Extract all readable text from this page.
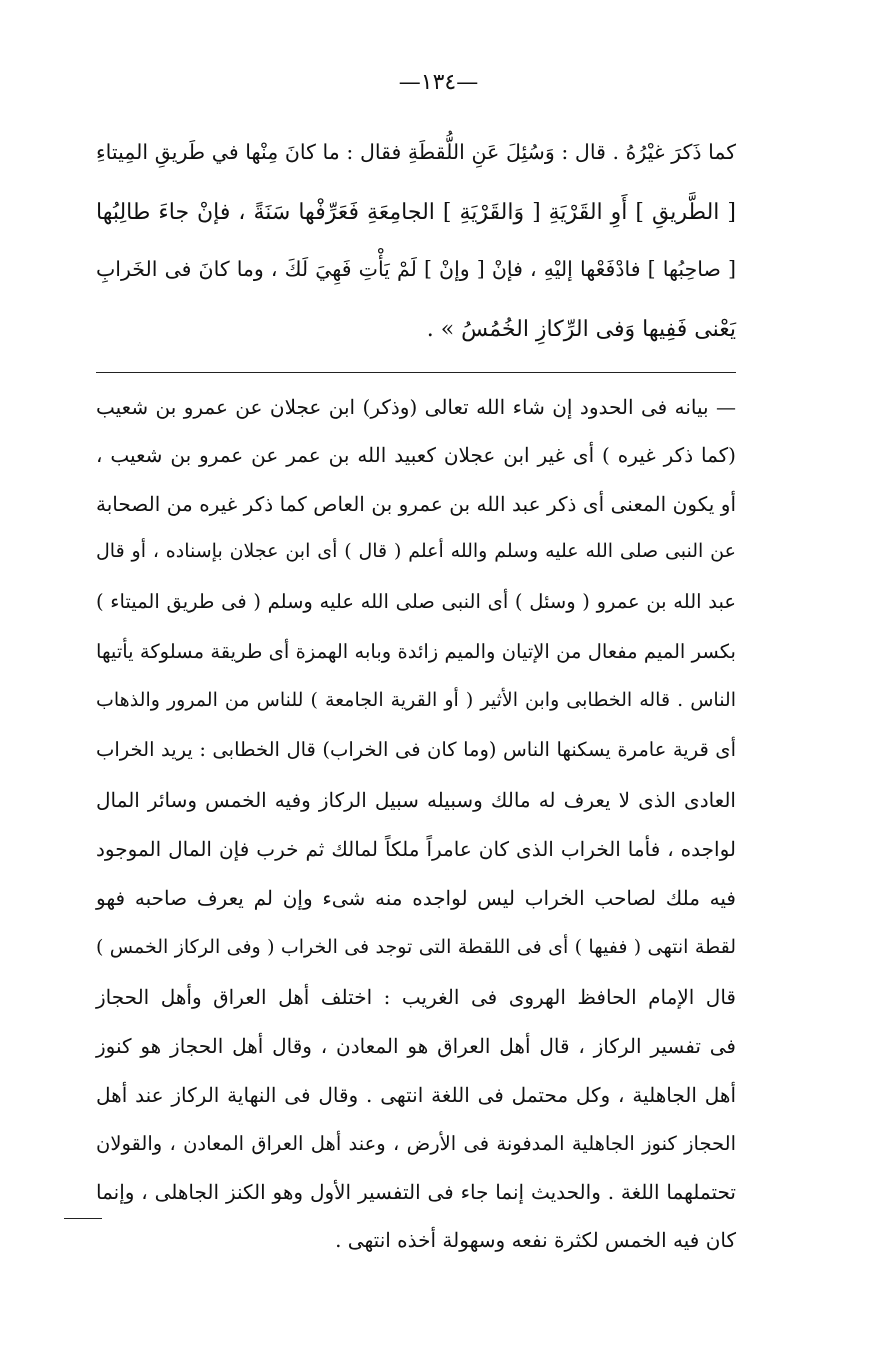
—١٣٤—
كما ذَكرَ غيْرُهُ . قال : وَسُئِلَ عَنِ اللُّقطَةِ فقال : ما كانَ مِنْها في طَريقِ المِيتاءِ
[ الطَّريقِ ] أَوِ القَرْيَةِ [ وَالقَرْيَةِ ] الجامِعَةِ فَعَرِّفْها سَنَةً ، فإنْ جاءَ طالِبُها
[ صاحِبُها ] فادْفَعْها إليْهِ ، فإنْ [ وإنْ ] لَمْ يَأْتِ فَهِيَ لَكَ ، وما كانَ فى الخَرابِ
يَعْنى فَفِيها وَفى الرِّكازِ الخُمُسُ » .
— بيانه فى الحدود إن شاء الله تعالى (وذكر) ابن عجلان عن عمرو بن شعيب
(كما ذكر غيره ) أى غير ابن عجلان كعبيد الله بن عمر عن عمرو بن شعيب ،
أو يكون المعنى أى ذكر عبد الله بن عمرو بن العاص كما ذكر غيره من الصحابة
عن النبى صلى الله عليه وسلم والله أعلم ( قال ) أى ابن عجلان بإسناده ، أو قال
عبد الله بن عمرو ( وسئل ) أى النبى صلى الله عليه وسلم ( فى طريق الميتاء )
بكسر الميم مفعال من الإتيان والميم زائدة وبابه الهمزة أى طريقة مسلوكة يأتيها
الناس . قاله الخطابى وابن الأثير ( أو القرية الجامعة ) للناس من المرور والذهاب
أى قرية عامرة يسكنها الناس (وما كان فى الخراب) قال الخطابى : يريد الخراب
العادى الذى لا يعرف له مالك وسبيله سبيل الركاز وفيه الخمس وسائر المال
لواجده ، فأما الخراب الذى كان عامراً ملكاً لمالك ثم خرب فإن المال الموجود
فيه ملك لصاحب الخراب ليس لواجده منه شىء وإن لم يعرف صاحبه فهو
لقطة انتهى ( ففيها ) أى فى اللقطة التى توجد فى الخراب ( وفى الركاز الخمس )
قال الإمام الحافظ الهروى فى الغريب : اختلف أهل العراق وأهل الحجاز
فى تفسير الركاز ، قال أهل العراق هو المعادن ، وقال أهل الحجاز هو كنوز
أهل الجاهلية ، وكل محتمل فى اللغة انتهى . وقال فى النهاية الركاز عند أهل
الحجاز كنوز الجاهلية المدفونة فى الأرض ، وعند أهل العراق المعادن ، والقولان
تحتملهما اللغة . والحديث إنما جاء فى التفسير الأول وهو الكنز الجاهلى ، وإنما
كان فيه الخمس لكثرة نفعه وسهولة أخذه انتهى .
